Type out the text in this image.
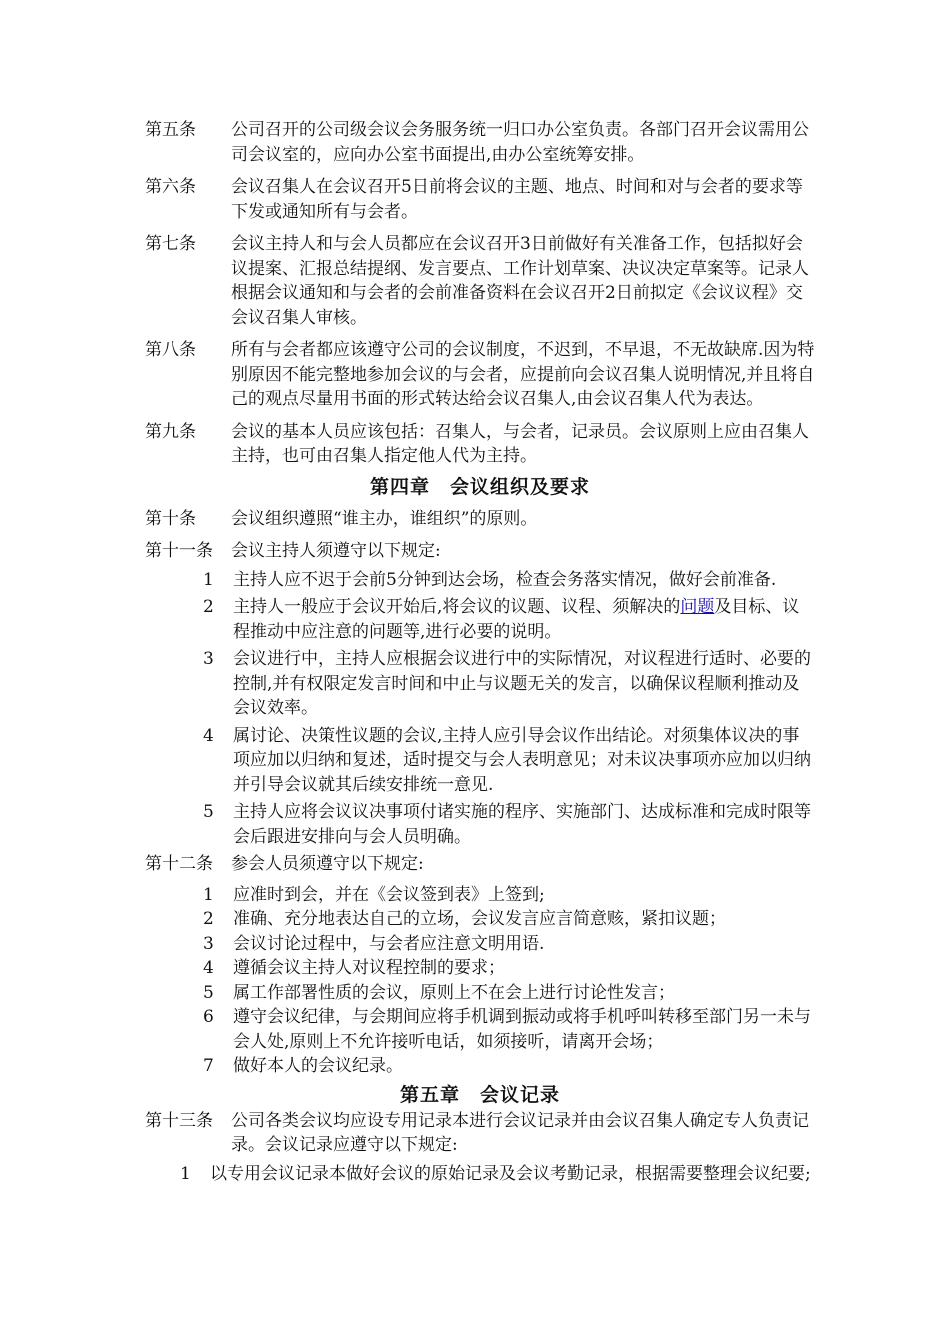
第五条	公司召开的公司级会议会务服务统一归口办公室负责。各部门召开会议需用公司会议室的，应向办公室书面提出,由办公室统筹安排。
第六条	会议召集人在会议召开5日前将会议的主题、地点、时间和对与会者的要求等下发或通知所有与会者。
第七条	会议主持人和与会人员都应在会议召开3日前做好有关准备工作，包括拟好会议提案、汇报总结提纲、发言要点、工作计划草案、决议决定草案等。记录人根据会议通知和与会者的会前准备资料在会议召开2日前拟定《会议议程》交会议召集人审核。
第八条	所有与会者都应该遵守公司的会议制度，不迟到，不早退，不无故缺席.因为特别原因不能完整地参加会议的与会者，应提前向会议召集人说明情况,并且将自己的观点尽量用书面的形式转达给会议召集人,由会议召集人代为表达。
第九条	会议的基本人员应该包括：召集人，与会者，记录员。会议原则上应由召集人主持，也可由召集人指定他人代为主持。
第四章　会议组织及要求
第十条	会议组织遵照“谁主办，谁组织”的原则。
第十一条	会议主持人须遵守以下规定:
1	主持人应不迟于会前5分钟到达会场，检查会务落实情况，做好会前准备.
2	主持人一般应于会议开始后,将会议的议题、议程、须解决的问题及目标、议程推动中应注意的问题等,进行必要的说明。
3	会议进行中，主持人应根据会议进行中的实际情况，对议程进行适时、必要的控制,并有权限定发言时间和中止与议题无关的发言，以确保议程顺利推动及会议效率。
4	属讨论、决策性议题的会议,主持人应引导会议作出结论。对须集体议决的事项应加以归纳和复述，适时提交与会人表明意见；对未议决事项亦应加以归纳并引导会议就其后续安排统一意见.
5	主持人应将会议议决事项付诸实施的程序、实施部门、达成标准和完成时限等会后跟进安排向与会人员明确。
第十二条	参会人员须遵守以下规定:
1	应准时到会，并在《会议签到表》上签到;
2	准确、充分地表达自己的立场，会议发言应言简意赅，紧扣议题；
3	会议讨论过程中，与会者应注意文明用语.
4	遵循会议主持人对议程控制的要求；
5	属工作部署性质的会议，原则上不在会上进行讨论性发言；
6	遵守会议纪律，与会期间应将手机调到振动或将手机呼叫转移至部门另一未与会人处,原则上不允许接听电话，如须接听，请离开会场；
7	做好本人的会议纪录。
第五章　会议记录
第十三条	公司各类会议均应设专用记录本进行会议记录并由会议召集人确定专人负责记录。会议记录应遵守以下规定:
1	以专用会议记录本做好会议的原始记录及会议考勤记录，根据需要整理会议纪要;
